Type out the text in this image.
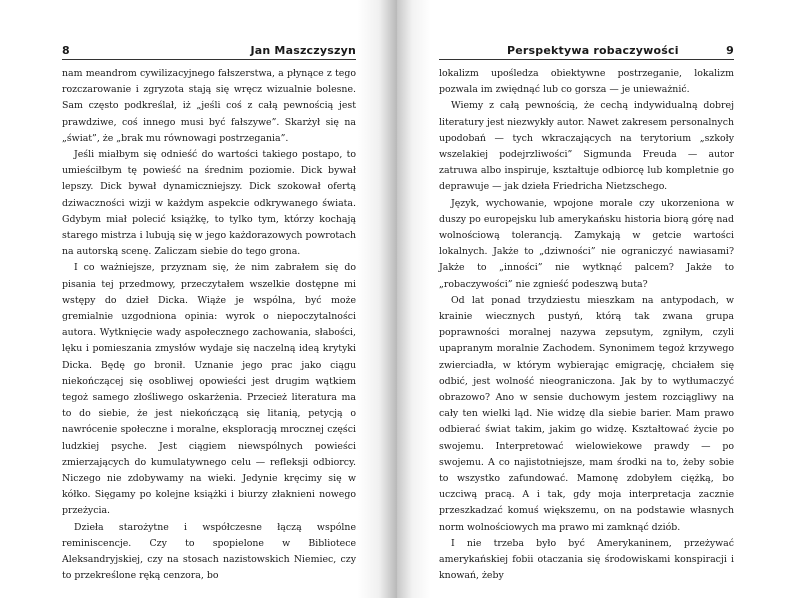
8	Jan Maszczyszyn

nam meandrom cywilizacyjnego fałszerstwa, a płynące z tego rozczarowanie i zgryzota stają się wręcz wizualnie bolesne. Sam często podkreślał, iż „jeśli coś z całą pewnością jest prawdziwe, coś innego musi być fałszywe”. Skarżył się na „świat”, że „brak mu równowagi postrzegania”.

Jeśli miałbym się odnieść do wartości takiego postapo, to umieściłbym tę powieść na średnim poziomie. Dick bywał lepszy. Dick bywał dynamiczniejszy. Dick szokował ofertą dziwaczności wizji w każdym aspekcie odkrywanego świata. Gdybym miał polecić książkę, to tylko tym, którzy kochają starego mistrza i lubują się w jego każdorazowych powrotach na autorską scenę. Zaliczam siebie do tego grona.

I co ważniejsze, przyznam się, że nim zabrałem się do pisania tej przedmowy, przeczytałem wszelkie dostępne mi wstępy do dzieł Dicka. Wiąże je wspólna, być może gremialnie uzgodniona opinia: wyrok o niepoczytalności autora. Wytknięcie wady aspołecznego zachowania, słabości, lęku i pomieszania zmysłów wydaje się naczelną ideą krytyki Dicka. Będę go bronił. Uznanie jego prac jako ciągu niekończącej się osobliwej opowieści jest drugim wątkiem tegoż samego złośliwego oskarżenia. Przecież literatura ma to do siebie, że jest niekończącą się litanią, petycją o nawrócenie społeczne i moralne, eksploracją mrocznej części ludzkiej psyche. Jest ciągiem niewspólnych powieści zmierzających do kumulatywnego celu — refleksji odbiorcy. Niczego nie zdobywamy na wieki. Jedynie kręcimy się w kółko. Sięgamy po kolejne książki i biurzy złaknieni nowego przeżycia.

Dzieła starożytne i współczesne łączą wspólne reminiscencje. Czy to spopielone w Bibliotece Aleksandryjskiej, czy na stosach nazistowskich Niemiec, czy to przekreślone ręką cenzora, bo

Perspektywa robaczywości	9

lokalizm upośledza obiektywne postrzeganie, lokalizm pozwala im zwiędnąć lub co gorsza — je unieważnić.

Wiemy z całą pewnością, że cechą indywidualną dobrej literatury jest niezwykły autor. Nawet zakresem personalnych upodobań — tych wkraczających na terytorium „szkoły wszelakiej podejrzliwości” Sigmunda Freuda — autor zatruwa albo inspiruje, kształtuje odbiorcę lub kompletnie go deprawuje — jak dzieła Friedricha Nietzschego.

Język, wychowanie, wpojone morale czy ukorzeniona w duszy po europejsku lub amerykańsku historia biorą górę nad wolnościową tolerancją. Zamykają w getcie wartości lokalnych. Jakże to „dziwności” nie ograniczyć nawiasami? Jakże to „innoś​ci” nie wytknąć palcem? Jakże to „robaczywości” nie zgnieść podeszwą buta?

Od lat ponad trzydziestu mieszkam na antypodach, w krainie wiecznych pustyń, którą tak zwana grupa poprawności moralnej nazywa zepsutym, zgniłym, czyli upapranym moralnie Zachodem. Synonimem tegoż krzywego zwierciadła, w którym wybierając emigrację, chciałem się odbić, jest wolność nieograniczona. Jak by to wytłumaczyć obrazowo? Ano w sensie duchowym jestem rozciągliwy na cały ten wielki ląd. Nie widzę dla siebie barier. Mam prawo odbierać świat takim, jakim go widzę. Kształtować życie po swojemu. Interpretować wielowiekowe prawdy — po swojemu. A co najistotniejsze, mam środki na to, żeby sobie to wszystko zafundować. Mamonę zdobyłem ciężką, bo uczciwą pracą. A i tak, gdy moja interpretacja zacznie przeszkadzać komuś większemu, on na podstawie własnych norm wolnościowych ma prawo mi zamknąć dziób.

I nie trzeba było być Amerykaninem, przeżywać amerykańskiej fobii otaczania się środowiskami konspiracji i knowań, żeby
